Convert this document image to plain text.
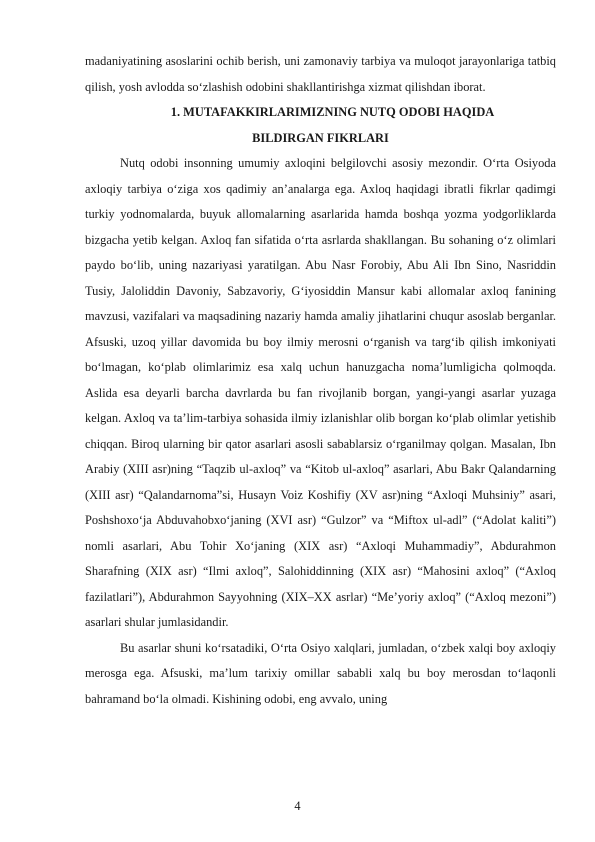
madaniyatining asoslarini ochib berish, uni zamonaviy tarbiya va muloqot jarayonlariga tatbiq qilish, yosh avlodda so‘zlashish odobini shakllantirishga xizmat qilishdan iborat.

1. MUTAFAKKIRLARIMIZNING NUTQ ODOBI HAQIDA
BILDIRGAN FIKRLARI

Nutq odobi insonning umumiy axloqini belgilovchi asosiy mezondir. O‘rta Osiyoda axloqiy tarbiya o‘ziga xos qadimiy an’analarga ega. Axloq haqidagi ibratli fikrlar qadimgi turkiy yodnomalarda, buyuk allomalarning asarlarida hamda boshqa yozma yodgorliklarda bizgacha yetib kelgan. Axloq fan sifatida o‘rta asrlarda shakllangan. Bu sohaning o‘z olimlari paydo bo‘lib, uning nazariyasi yaratilgan. Abu Nasr Forobiy, Abu Ali Ibn Sino, Nasriddin Tusiy, Jaloliddin Davoniy, Sabzavoriy, G‘iyosiddin Mansur kabi allomalar axloq fanining mavzusi, vazifalari va maqsadining nazariy hamda amaliy jihatlarini chuqur asoslab berganlar. Afsuski, uzoq yillar davomida bu boy ilmiy merosni o‘rganish va targ‘ib qilish imkoniyati bo‘lmagan, ko‘plab olimlarimiz esa xalq uchun hanuzgacha noma’lumligicha qolmoqda. Aslida esa deyarli barcha davrlarda bu fan rivojlanib borgan, yangi-yangi asarlar yuzaga kelgan. Axloq va ta’lim-tarbiya sohasida ilmiy izlanishlar olib borgan ko‘plab olimlar yetishib chiqqan. Biroq ularning bir qator asarlari asosli sabablarsiz o‘rganilmay qolgan. Masalan, Ibn Arabiy (XIII asr)ning “Taqzib ul-axloq” va “Kitob ul-axloq” asarlari, Abu Bakr Qalandarning (XIII asr) “Qalandarnoma”si, Husayn Voiz Koshifiy (XV asr)ning “Axloqi Muhsiniy” asari, Poshshoxo‘ja Abduvahobxo‘janing (XVI asr) “Gulzor” va “Miftox ul-adl” (“Adolat kaliti”) nomli asarlari, Abu Tohir Xo‘janing (XIX asr) “Axloqi Muhammadiy”, Abdurahmon Sharafning (XIX asr) “Ilmi axloq”, Salohiddinning (XIX asr) “Mahosini axloq” (“Axloq fazilatlari”), Abdurahmon Sayyohning (XIX–XX asrlar) “Me’yoriy axloq” (“Axloq mezoni”) asarlari shular jumlasidandir.

Bu asarlar shuni ko‘rsatadiki, O‘rta Osiyo xalqlari, jumladan, o‘zbek xalqi boy axloqiy merosga ega. Afsuski, ma’lum tarixiy omillar sababli xalq bu boy merosdan to‘laqonli bahramand bo‘la olmadi. Kishining odobi, eng avvalo, uning

4
